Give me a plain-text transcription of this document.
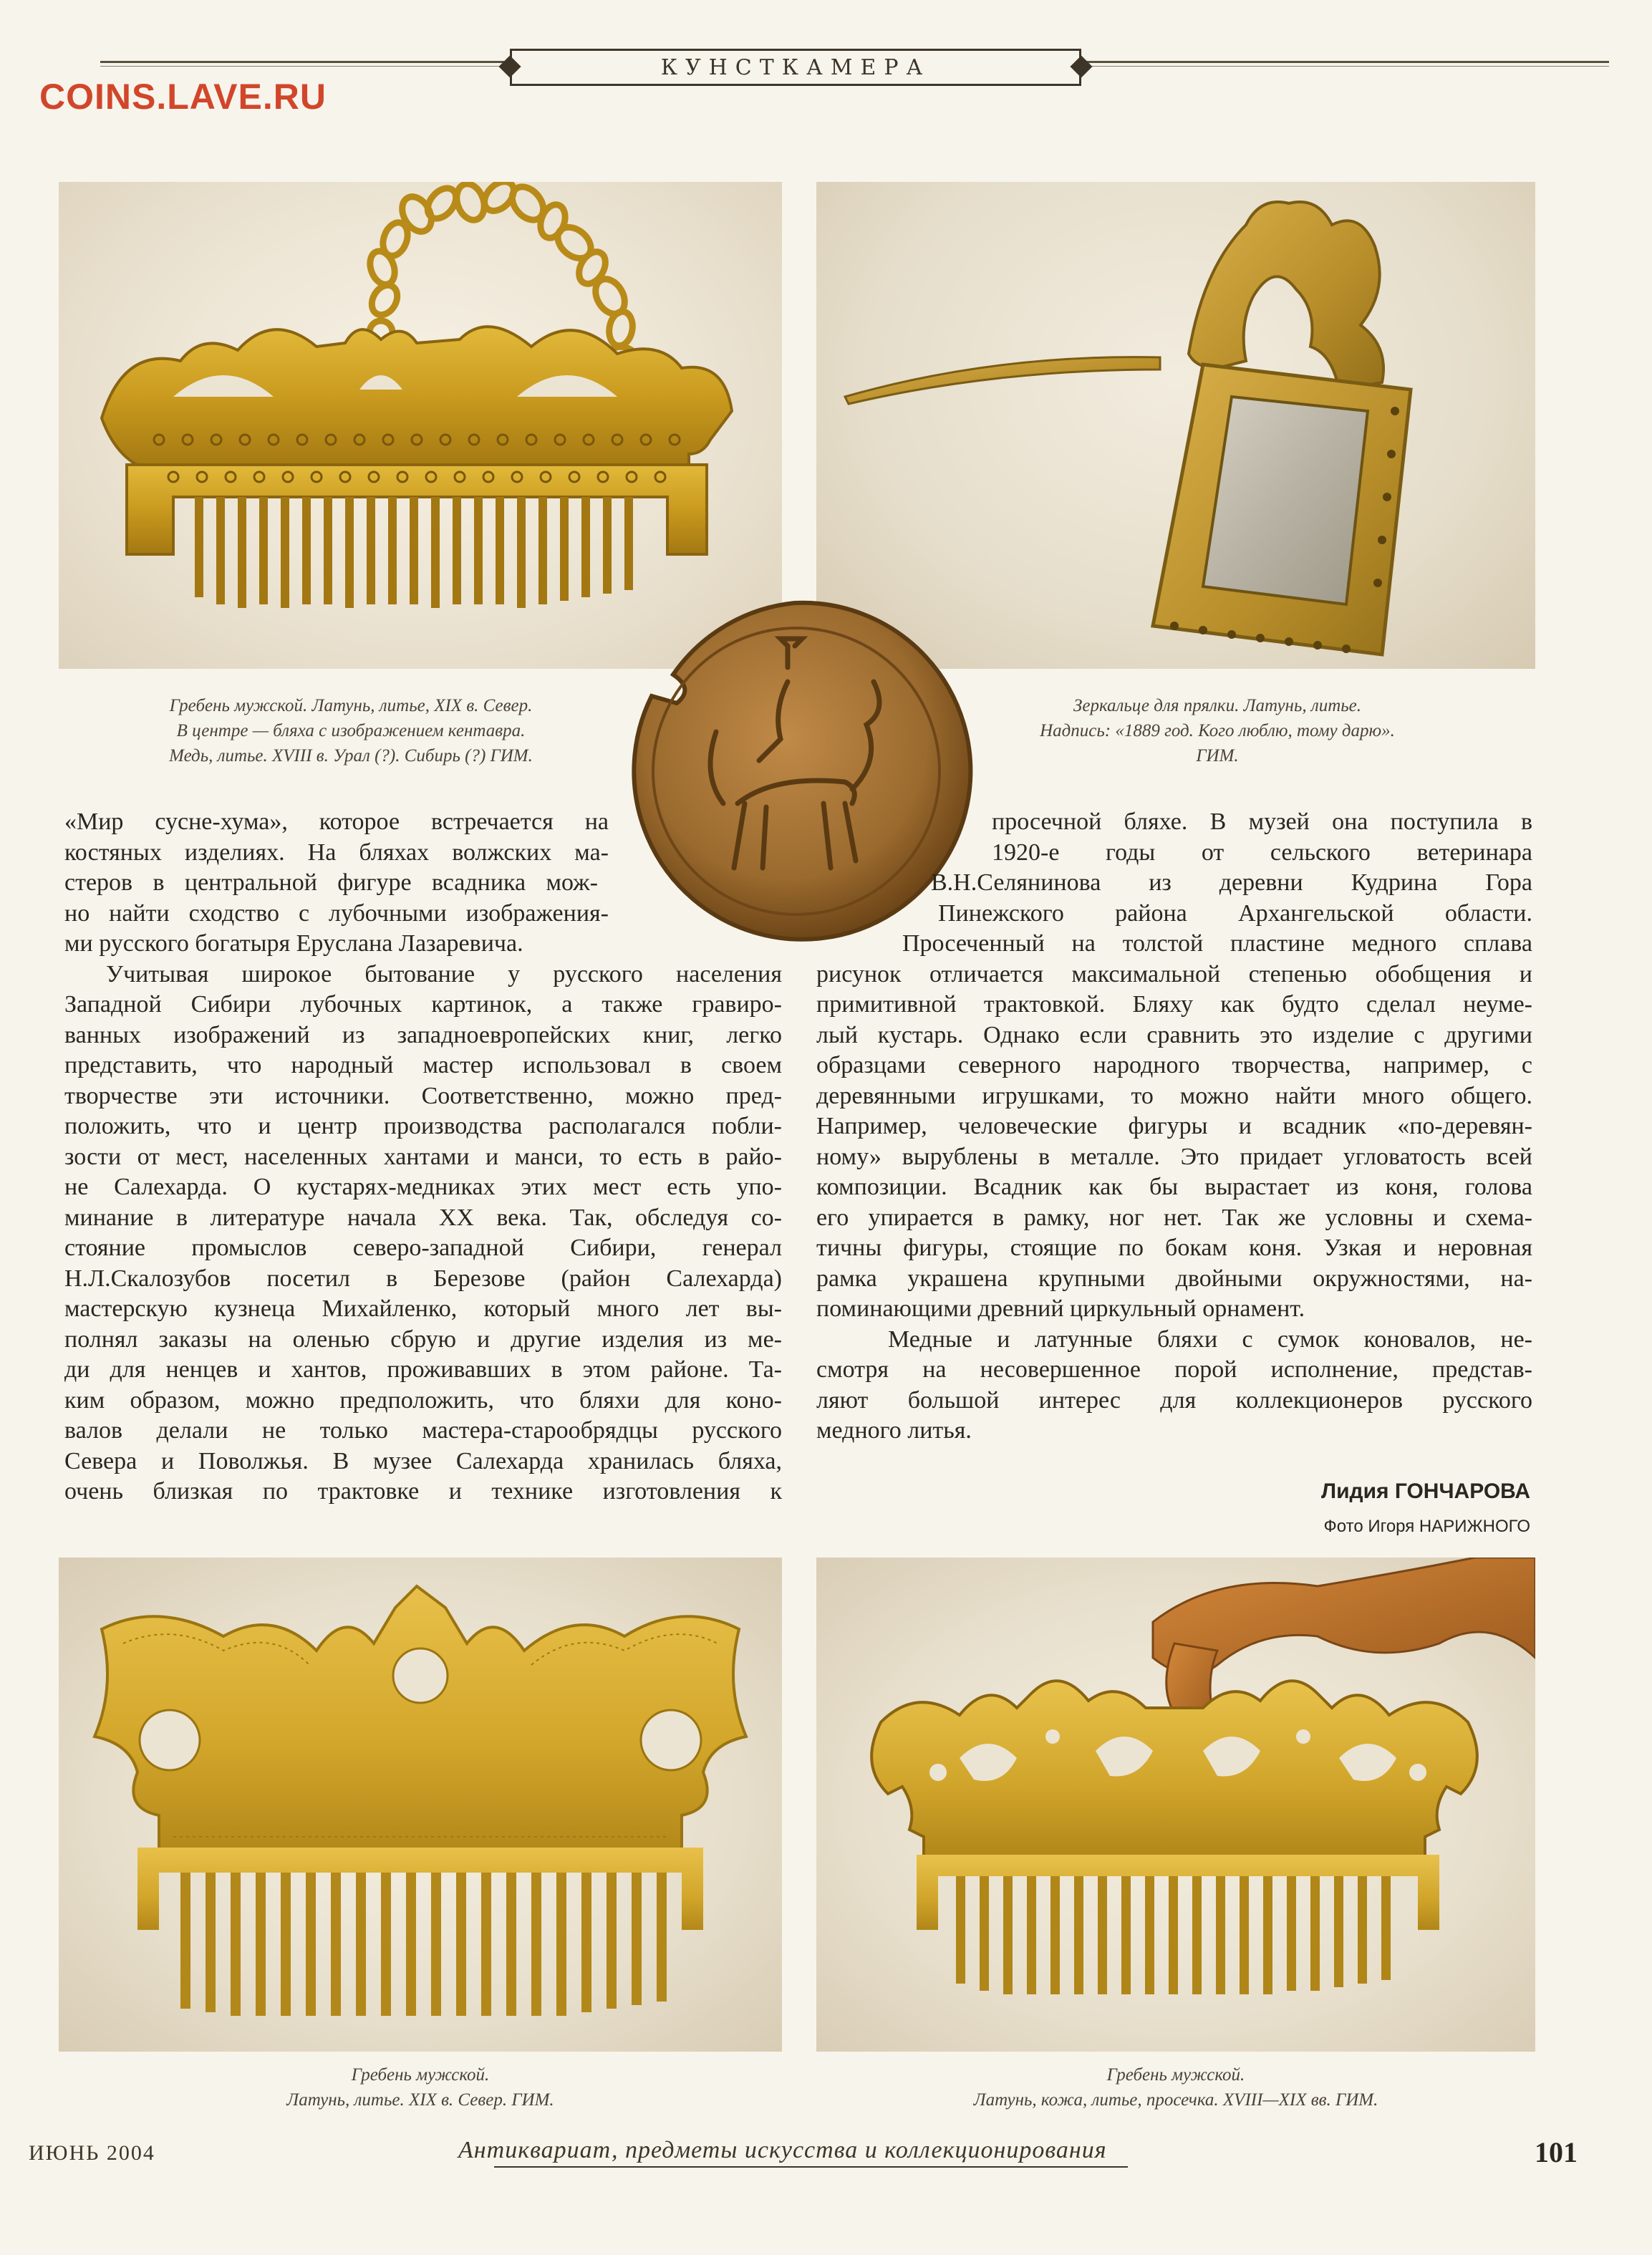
КУНСТКАМЕРА
COINS.LAVE.RU
Гребень мужской. Латунь, литье, XIX в. Север.
В центре — бляха с изображением кентавра.
Медь, литье. XVIII в. Урал (?). Сибирь (?) ГИМ.
Зеркальце для прялки. Латунь, литье.
Надпись: «1889 год. Кого люблю, тому дарю».
ГИМ.
«Мир сусне-хума», которое встречается на
костяных изделиях. На бляхах волжских ма-
стеров в центральной фигуре всадника мож-
но найти сходство с лубочными изображения-
ми русского богатыря Еруслана Лазаревича.
Учитывая широкое бытование у русского населения
Западной Сибири лубочных картинок, а также гравиро-
ванных изображений из западноевропейских книг, легко
представить, что народный мастер использовал в своем
творчестве эти источники. Соответственно, можно пред-
положить, что и центр производства располагался побли-
зости от мест, населенных хантами и манси, то есть в райо-
не Салехарда. О кустарях-медниках этих мест есть упо-
минание в литературе начала XX века. Так, обследуя со-
стояние промыслов северо-западной Сибири, генерал
Н.Л.Скалозубов посетил в Березове (район Салехарда)
мастерскую кузнеца Михайленко, который много лет вы-
полнял заказы на оленью сбрую и другие изделия из ме-
ди для ненцев и хантов, проживавших в этом районе. Та-
ким образом, можно предположить, что бляхи для коно-
валов делали не только мастера-старообрядцы русского
Севера и Поволжья. В музее Салехарда хранилась бляха,
очень близкая по трактовке и технике изготовления к
просечной бляхе. В музей она поступила в
1920-е годы от сельского ветеринара
В.Н.Селянинова из деревни Кудрина Гора
Пинежского района Архангельской области.
Просеченный на толстой пластине медного сплава
рисунок отличается максимальной степенью обобщения и
примитивной трактовкой. Бляху как будто сделал неуме-
лый кустарь. Однако если сравнить это изделие с другими
образцами северного народного творчества, например, с
деревянными игрушками, то можно найти много общего.
Например, человеческие фигуры и всадник «по-деревян-
ному» вырублены в металле. Это придает угловатость всей
композиции. Всадник как бы вырастает из коня, голова
его упирается в рамку, ног нет. Так же условны и схема-
тичны фигуры, стоящие по бокам коня. Узкая и неровная
рамка украшена крупными двойными окружностями, на-
поминающими древний циркульный орнамент.
Медные и латунные бляхи с сумок коновалов, не-
смотря на несовершенное порой исполнение, представ-
ляют большой интерес для коллекционеров русского
медного литья.
Лидия ГОНЧАРОВА
Фото Игоря НАРИЖНОГО
Гребень мужской.
Латунь, литье. XIX в. Север. ГИМ.
Гребень мужской.
Латунь, кожа, литье, просечка. XVIII—XIX вв. ГИМ.
ИЮНЬ 2004	Антиквариат, предметы искусства и коллекционирования	101
